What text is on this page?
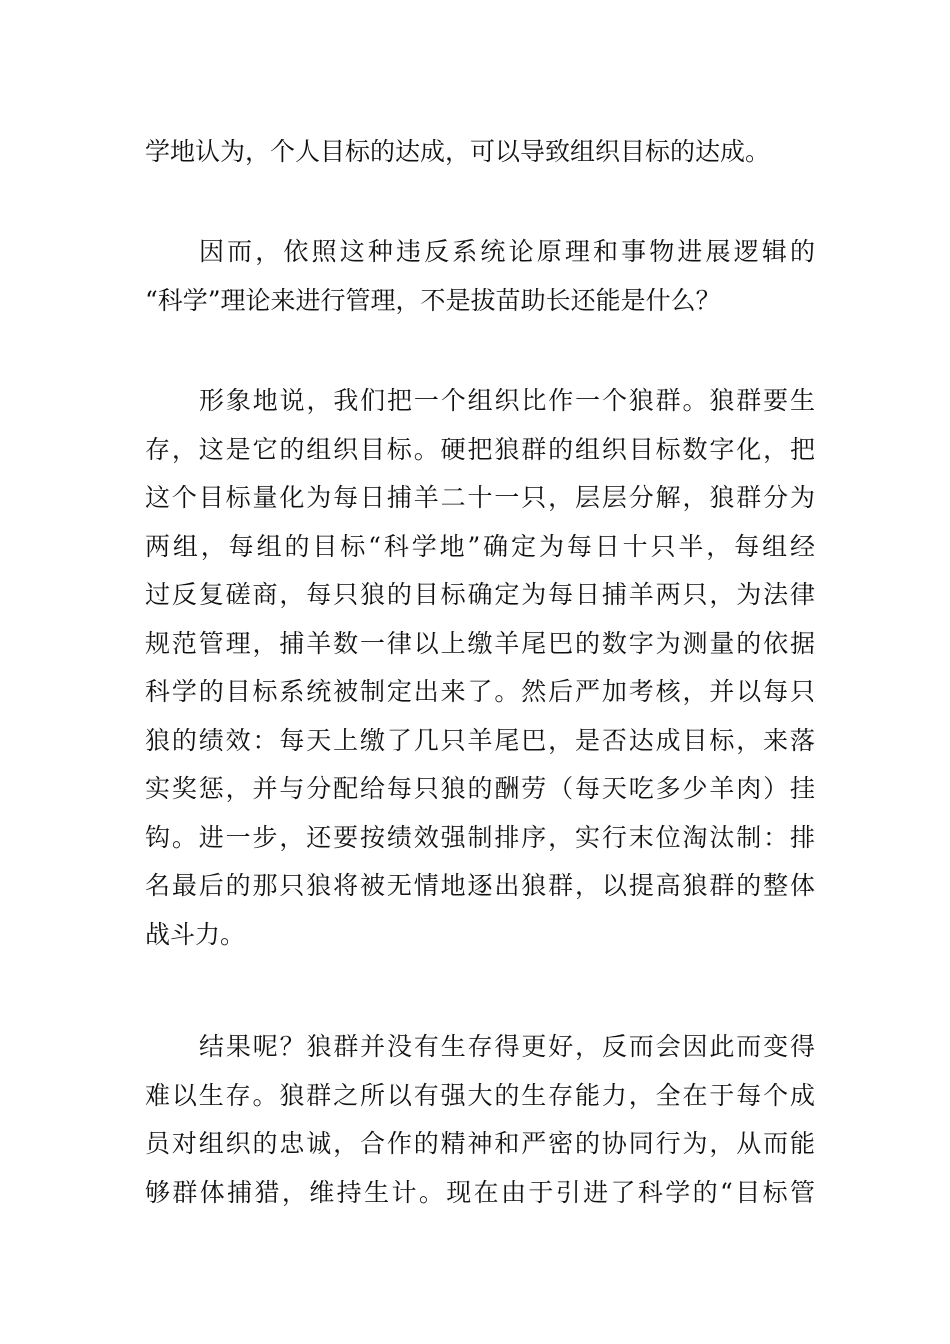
学地认为，个人目标的达成，可以导致组织目标的达成。
因而，依照这种违反系统论原理和事物进展逻辑的
“科学”理论来进行管理，不是拔苗助长还能是什么？
形象地说，我们把一个组织比作一个狼群。狼群要生
存，这是它的组织目标。硬把狼群的组织目标数字化，把
这个目标量化为每日捕羊二十一只，层层分解，狼群分为
两组，每组的目标“科学地”确定为每日十只半，每组经
过反复磋商，每只狼的目标确定为每日捕羊两只，为法律
规范管理，捕羊数一律以上缴羊尾巴的数字为测量的依据
科学的目标系统被制定出来了。然后严加考核，并以每只
狼的绩效：每天上缴了几只羊尾巴，是否达成目标，来落
实奖惩，并与分配给每只狼的酬劳（每天吃多少羊肉）挂
钩。进一步，还要按绩效强制排序，实行末位淘汰制：排
名最后的那只狼将被无情地逐出狼群，以提高狼群的整体
战斗力。
结果呢？狼群并没有生存得更好，反而会因此而变得
难以生存。狼群之所以有强大的生存能力，全在于每个成
员对组织的忠诚，合作的精神和严密的协同行为，从而能
够群体捕猎，维持生计。现在由于引进了科学的“目标管
